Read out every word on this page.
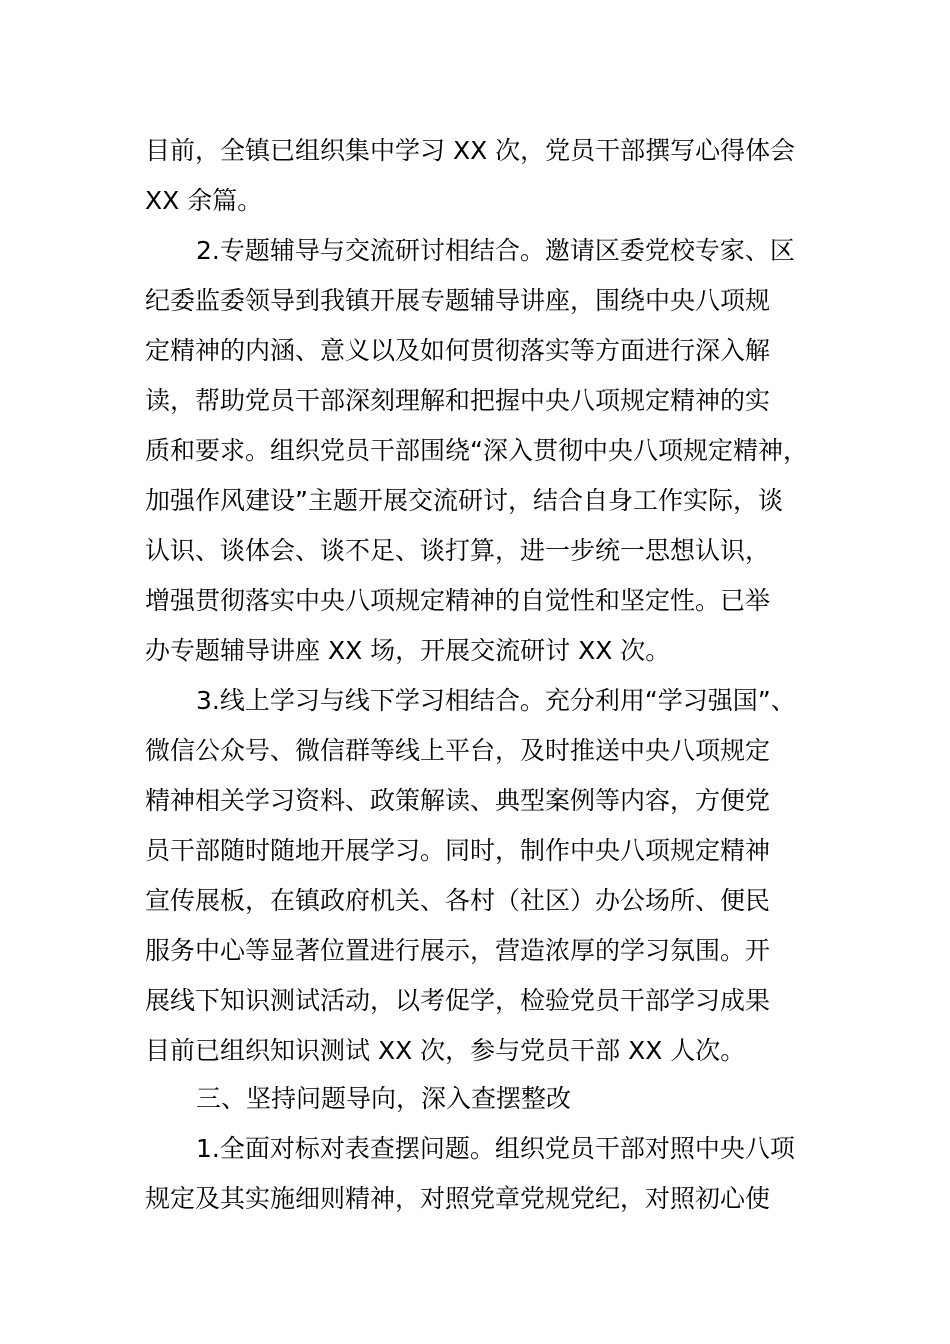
目前，全镇已组织集中学习 XX 次，党员干部撰写心得体会

XX 余篇。

2.专题辅导与交流研讨相结合。邀请区委党校专家、区

纪委监委领导到我镇开展专题辅导讲座，围绕中央八项规

定精神的内涵、意义以及如何贯彻落实等方面进行深入解

读，帮助党员干部深刻理解和把握中央八项规定精神的实

质和要求。组织党员干部围绕“深入贯彻中央八项规定精神，

加强作风建设”主题开展交流研讨，结合自身工作实际，谈

认识、谈体会、谈不足、谈打算，进一步统一思想认识，

增强贯彻落实中央八项规定精神的自觉性和坚定性。已举

办专题辅导讲座 XX 场，开展交流研讨 XX 次。

3.线上学习与线下学习相结合。充分利用“学习强国”、

微信公众号、微信群等线上平台，及时推送中央八项规定

精神相关学习资料、政策解读、典型案例等内容，方便党

员干部随时随地开展学习。同时，制作中央八项规定精神

宣传展板，在镇政府机关、各村（社区）办公场所、便民

服务中心等显著位置进行展示，营造浓厚的学习氛围。开

展线下知识测试活动，以考促学，检验党员干部学习成果

目前已组织知识测试 XX 次，参与党员干部 XX 人次。

三、坚持问题导向，深入查摆整改

1.全面对标对表查摆问题。组织党员干部对照中央八项

规定及其实施细则精神，对照党章党规党纪，对照初心使
